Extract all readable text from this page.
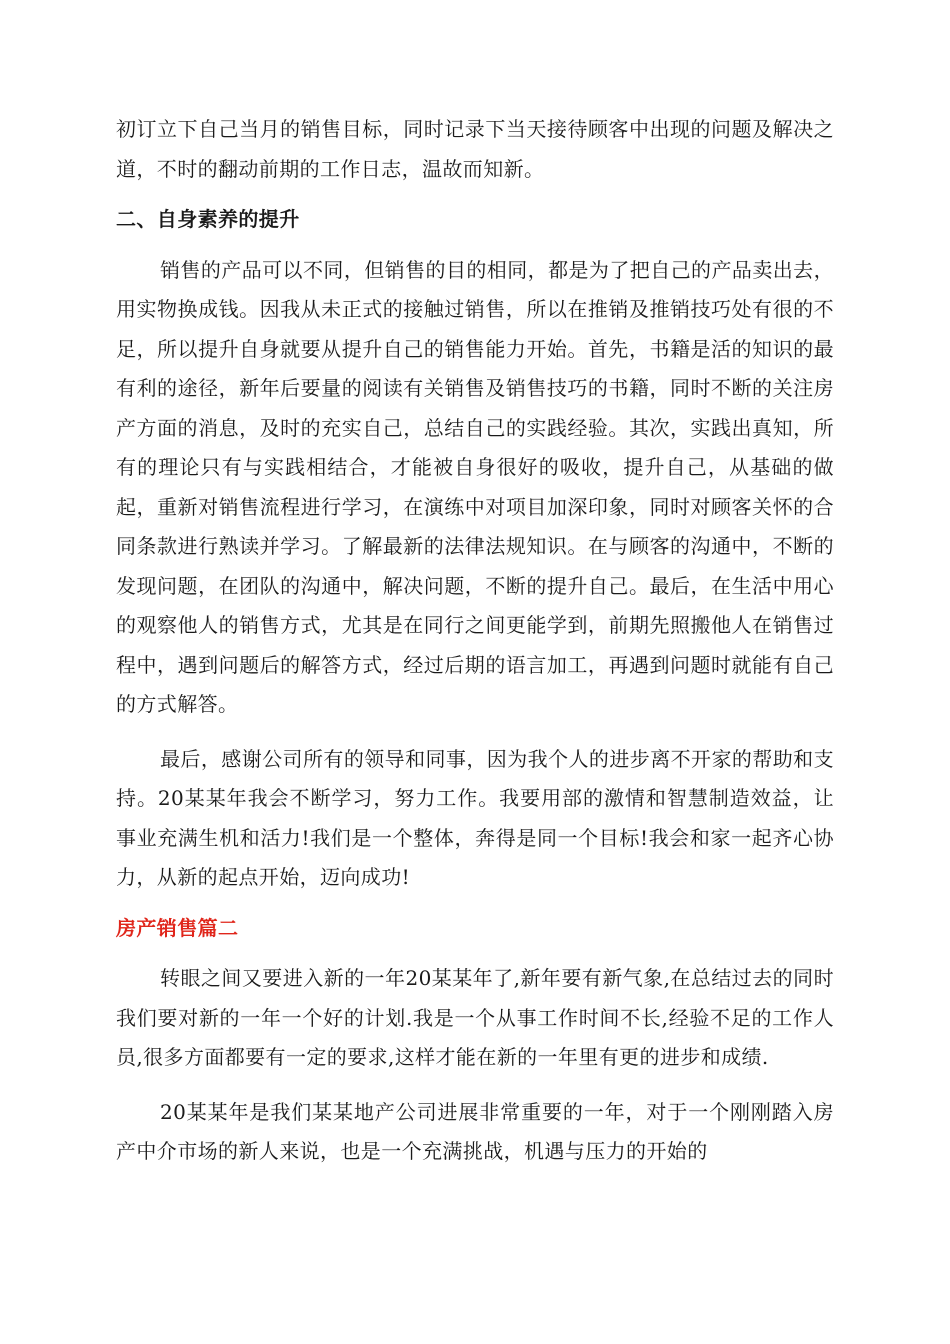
初订立下自己当月的销售目标，同时记录下当天接待顾客中出现的问题及解决之道，不时的翻动前期的工作日志，温故而知新。

二、自身素养的提升

销售的产品可以不同，但销售的目的相同，都是为了把自己的产品卖出去，用实物换成钱。因我从未正式的接触过销售，所以在推销及推销技巧处有很的不足，所以提升自身就要从提升自己的销售能力开始。首先，书籍是活的知识的最有利的途径，新年后要量的阅读有关销售及销售技巧的书籍，同时不断的关注房产方面的消息，及时的充实自己，总结自己的实践经验。其次，实践出真知，所有的理论只有与实践相结合，才能被自身很好的吸收，提升自己，从基础的做起，重新对销售流程进行学习，在演练中对项目加深印象，同时对顾客关怀的合同条款进行熟读并学习。了解最新的法律法规知识。在与顾客的沟通中，不断的发现问题，在团队的沟通中，解决问题，不断的提升自己。最后，在生活中用心的观察他人的销售方式，尤其是在同行之间更能学到，前期先照搬他人在销售过程中，遇到问题后的解答方式，经过后期的语言加工，再遇到问题时就能有自己的方式解答。

最后，感谢公司所有的领导和同事，因为我个人的进步离不开家的帮助和支持。20某某年我会不断学习，努力工作。我要用部的激情和智慧制造效益，让事业充满生机和活力!我们是一个整体，奔得是同一个目标!我会和家一起齐心协力，从新的起点开始，迈向成功!

房产销售篇二

转眼之间又要进入新的一年20某某年了,新年要有新气象,在总结过去的同时我们要对新的一年一个好的计划.我是一个从事工作时间不长,经验不足的工作人员,很多方面都要有一定的要求,这样才能在新的一年里有更的进步和成绩.

20某某年是我们某某地产公司进展非常重要的一年，对于一个刚刚踏入房产中介市场的新人来说，也是一个充满挑战，机遇与压力的开始的
